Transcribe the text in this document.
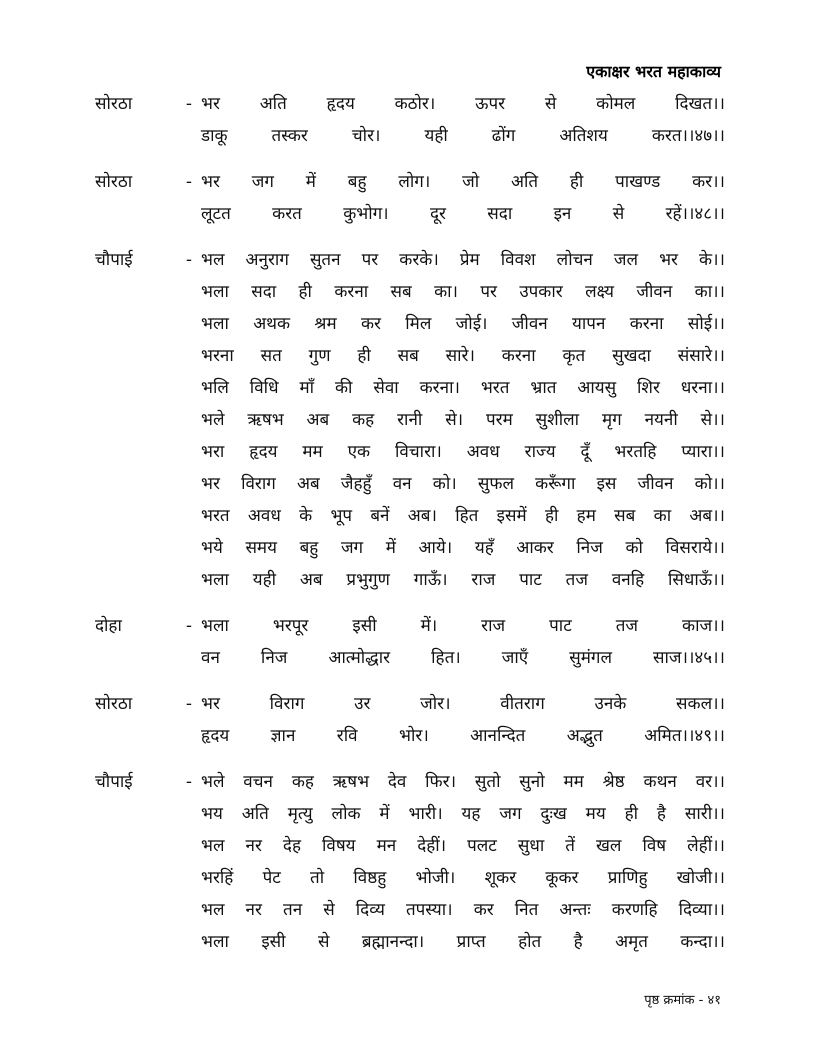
एकाक्षर भरत महाकाव्य
सोरठा	- भर अति हृदय कठोर। ऊपर से कोमल दिखत।।
डाकू तस्कर चोर। यही ढोंग अतिशय करत।।४७।।
सोरठा	- भर जग में बहु लोग। जो अति ही पाखण्ड कर।।
लूटत करत कुभोग। दूर सदा इन से रहें।।४८।।
चौपाई	- भल अनुराग सुतन पर करके। प्रेम विवश लोचन जल भर के।।
भला सदा ही करना सब का। पर उपकार लक्ष्य जीवन का।।
भला अथक श्रम कर मिल जोई। जीवन यापन करना सोई।।
भरना सत गुण ही सब सारे। करना कृत सुखदा संसारे।।
भलि विधि माँ की सेवा करना। भरत भ्रात आयसु शिर धरना।।
भले ऋषभ अब कह रानी से। परम सुशीला मृग नयनी से।।
भरा हृदय मम एक विचारा। अवध राज्य दूँ भरतहि प्यारा।।
भर विराग अब जैहहुँ वन को। सुफल करूँगा इस जीवन को।।
भरत अवध के भूप बनें अब। हित इसमें ही हम सब का अब।।
भये समय बहु जग में आये। यहँ आकर निज को विसराये।।
भला यही अब प्रभुगुण गाऊँ। राज पाट तज वनहि सिधाऊँ।।
दोहा	- भला भरपूर इसी में। राज पाट तज काज।।
वन निज आत्मोद्धार हित। जाएँ सुमंगल साज।।४५।।
सोरठा	- भर विराग उर जोर। वीतराग उनके सकल।।
हृदय ज्ञान रवि भोर। आनन्दित अद्भुत अमित।।४९।।
चौपाई	- भले वचन कह ऋषभ देव फिर। सुतो सुनो मम श्रेष्ठ कथन वर।।
भय अति मृत्यु लोक में भारी। यह जग दुःख मय ही है सारी।।
भल नर देह विषय मन देहीं। पलट सुधा तें खल विष लेहीं।।
भरहिं पेट तो विष्ठहु भोजी। शूकर कूकर प्राणिहु खोजी।।
भल नर तन से दिव्य तपस्या। कर नित अन्तः करणहि दिव्या।।
भला इसी से ब्रह्मानन्दा। प्राप्त होत है अमृत कन्दा।।
पृष्ठ क्रमांक - ४१
